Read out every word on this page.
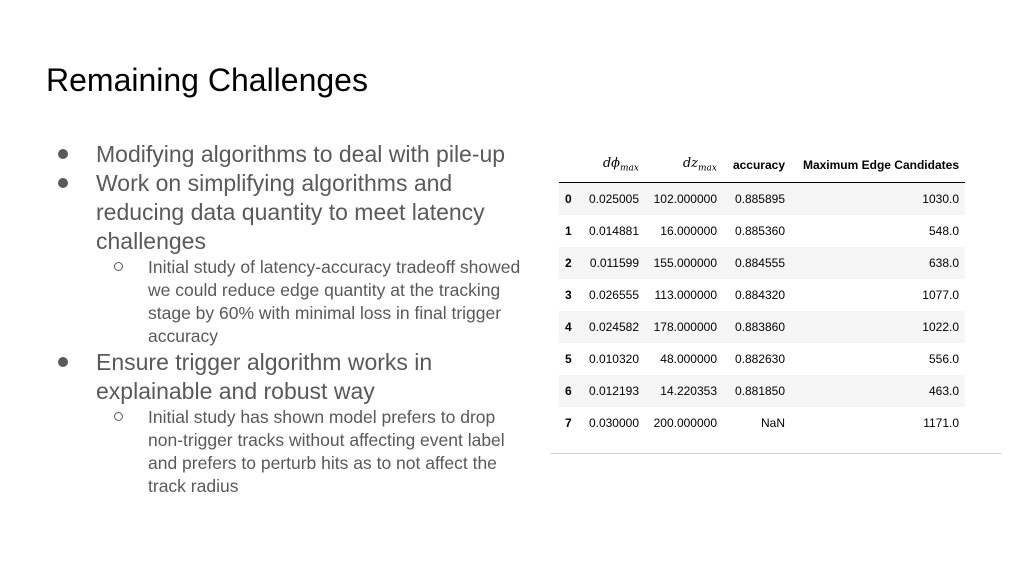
Remaining Challenges
Modifying algorithms to deal with pile-up
Work on simplifying algorithms and reducing data quantity to meet latency challenges
Initial study of latency-accuracy tradeoff showed we could reduce edge quantity at the tracking stage by 60% with minimal loss in final trigger accuracy
Ensure trigger algorithm works in explainable and robust way
Initial study has shown model prefers to drop non-trigger tracks without affecting event label and prefers to perturb hits as to not affect the track radius
	$d\phi_{max}$	$dz_{max}$	accuracy	Maximum Edge Candidates
0	0.025005	102.000000	0.885895	1030.0
1	0.014881	16.000000	0.885360	548.0
2	0.011599	155.000000	0.884555	638.0
3	0.026555	113.000000	0.884320	1077.0
4	0.024582	178.000000	0.883860	1022.0
5	0.010320	48.000000	0.882630	556.0
6	0.012193	14.220353	0.881850	463.0
7	0.030000	200.000000	NaN	1171.0
